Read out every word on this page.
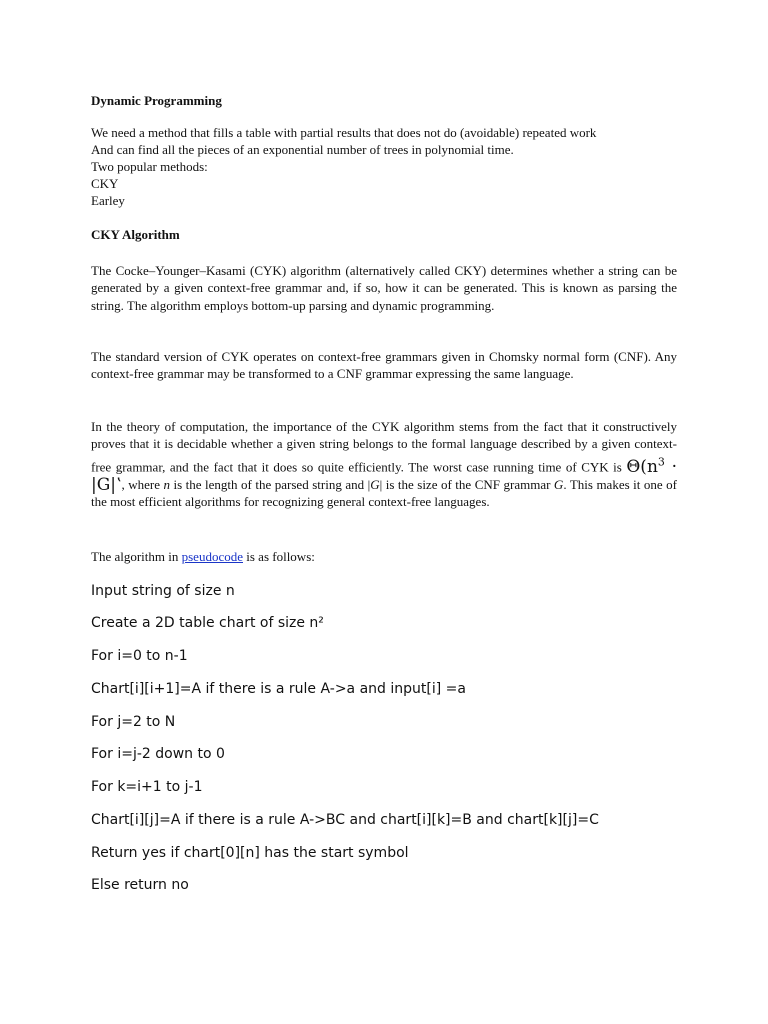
Dynamic Programming
We need a method that fills a table with partial results that does not do (avoidable) repeated work
And can find all the pieces of an exponential number of trees in polynomial time.
Two popular methods:
CKY
Earley
CKY Algorithm

The Cocke–Younger–Kasami (CYK) algorithm (alternatively called CKY) determines whether a string can be generated by a given context-free grammar and, if so, how it can be generated. This is known as parsing the string. The algorithm employs bottom-up parsing and dynamic programming.

The standard version of CYK operates on context-free grammars given in Chomsky normal form (CNF). Any context-free grammar may be transformed to a CNF grammar expressing the same language.

In the theory of computation, the importance of the CYK algorithm stems from the fact that it constructively proves that it is decidable whether a given string belongs to the formal language described by a given context-free grammar, and the fact that it does so quite efficiently. The worst case running time of CYK is $\Theta(n^3$ · |G|ʽ, where n is the length of the parsed string and |G| is the size of the CNF grammar G. This makes it one of the most efficient algorithms for recognizing general context-free languages.

The algorithm in pseudocode is as follows:

Input string of size n
Create a 2D table chart of size n²
For i=0 to n-1
Chart[i][i+1]=A if there is a rule A->a and input[i] =a
For j=2 to N
For i=j-2 down to 0
For k=i+1 to j-1
Chart[i][j]=A if there is a rule A->BC and chart[i][k]=B and chart[k][j]=C
Return yes if chart[0][n] has the start symbol
Else return no
